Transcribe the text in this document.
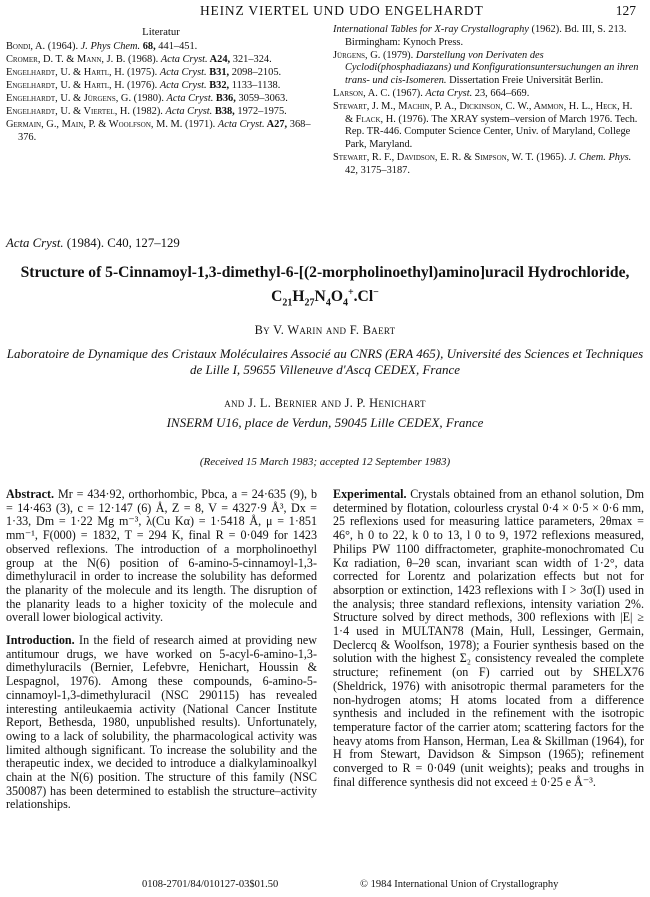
HEINZ VIERTEL UND UDO ENGELHARDT	127
Literatur
Bondi, A. (1964). J. Phys Chem. 68, 441–451.
Cromer, D. T. & Mann, J. B. (1968). Acta Cryst. A24, 321–324.
Engelhardt, U. & Hartl, H. (1975). Acta Cryst. B31, 2098–2105.
Engelhardt, U. & Hartl, H. (1976). Acta Cryst. B32, 1133–1138.
Engelhardt, U. & Jürgens, G. (1980). Acta Cryst. B36, 3059–3063.
Engelhardt, U. & Viertel, H. (1982). Acta Cryst. B38, 1972–1975.
Germain, G., Main, P. & Woolfson, M. M. (1971). Acta Cryst. A27, 368–376.
International Tables for X-ray Crystallography (1962). Bd. III, S. 213. Birmingham: Kynoch Press.
Jürgens, G. (1979). Darstellung von Derivaten des Cyclodi(phosphadiazans) und Konfigurationsuntersuchungen an ihren trans- und cis-Isomeren. Dissertation Freie Universität Berlin.
Larson, A. C. (1967). Acta Cryst. 23, 664–669.
Stewart, J. M., Machin, P. A., Dickinson, C. W., Ammon, H. L., Heck, H. & Flack, H. (1976). The XRAY system–version of March 1976. Tech. Rep. TR-446. Computer Science Center, Univ. of Maryland, College Park, Maryland.
Stewart, R. F., Davidson, E. R. & Simpson, W. T. (1965). J. Chem. Phys. 42, 3175–3187.
Acta Cryst. (1984). C40, 127–129
Structure of 5-Cinnamoyl-1,3-dimethyl-6-[(2-morpholinoethyl)amino]uracil Hydrochloride, $C_{21}H_{27}N_4O_4^+.Cl^-$
By V. Warin and F. Baert
Laboratoire de Dynamique des Cristaux Moléculaires Associé au CNRS (ERA 465), Université des Sciences et Techniques de Lille I, 59655 Villeneuve d'Ascq CEDEX, France
and J. L. Bernier and J. P. Henichart
INSERM U16, place de Verdun, 59045 Lille CEDEX, France
(Received 15 March 1983; accepted 12 September 1983)

Abstract. Mr = 434·92, orthorhombic, Pbca, a = 24·635 (9), b = 14·463 (3), c = 12·147 (6) Å, Z = 8, V = 4327·9 Å³, Dx = 1·33, Dm = 1·22 Mg m⁻³, λ(Cu Kα) = 1·5418 Å, μ = 1·851 mm⁻¹, F(000) = 1832, T = 294 K, final R = 0·049 for 1423 observed reflexions. The introduction of a morpholinoethyl group at the N(6) position of 6-amino-5-cinnamoyl-1,3-dimethyluracil in order to increase the solubility has deformed the planarity of the molecule and its length. The disruption of the planarity leads to a higher toxicity of the molecule and overall lower biological activity.

Introduction. In the field of research aimed at providing new antitumour drugs, we have worked on 5-acyl-6-amino-1,3-dimethyluracils (Bernier, Lefebvre, Henichart, Houssin & Lespagnol, 1976). Among these compounds, 6-amino-5-cinnamoyl-1,3-dimethyluracil (NSC 290115) has revealed interesting antileukaemia activity (National Cancer Institute Report, Bethesda, 1980, unpublished results). Unfortunately, owing to a lack of solubility, the pharmacological activity was limited although significant. To increase the solubility and the therapeutic index, we decided to introduce a dialkylaminoalkyl chain at the N(6) position. The structure of this family (NSC 350087) has been determined to establish the structure–activity relationships.

Experimental. Crystals obtained from an ethanol solution, Dm determined by flotation, colourless crystal 0·4 × 0·5 × 0·6 mm, 25 reflexions used for measuring lattice parameters, 2θmax = 46°, h 0 to 22, k 0 to 13, l 0 to 9, 1972 reflexions measured, Philips PW 1100 diffractometer, graphite-monochromated Cu Kα radiation, θ–2θ scan, invariant scan width of 1·2°, data corrected for Lorentz and polarization effects but not for absorption or extinction, 1423 reflexions with I > 3σ(I) used in the analysis; three standard reflexions, intensity variation 2%. Structure solved by direct methods, 300 reflexions with |E| ≥ 1·4 used in MULTAN78 (Main, Hull, Lessinger, Germain, Declercq & Woolfson, 1978); a Fourier synthesis based on the solution with the highest Σ₂ consistency revealed the complete structure; refinement (on F) carried out by SHELX76 (Sheldrick, 1976) with anisotropic thermal parameters for the non-hydrogen atoms; H atoms located from a difference synthesis and included in the refinement with the isotropic temperature factor of the carrier atom; scattering factors for the heavy atoms from Hanson, Herman, Lea & Skillman (1964), for H from Stewart, Davidson & Simpson (1965); refinement converged to R = 0·049 (unit weights); peaks and troughs in final difference synthesis did not exceed ± 0·25 e Å⁻³.

0108-2701/84/010127-03$01.50	© 1984 International Union of Crystallography
